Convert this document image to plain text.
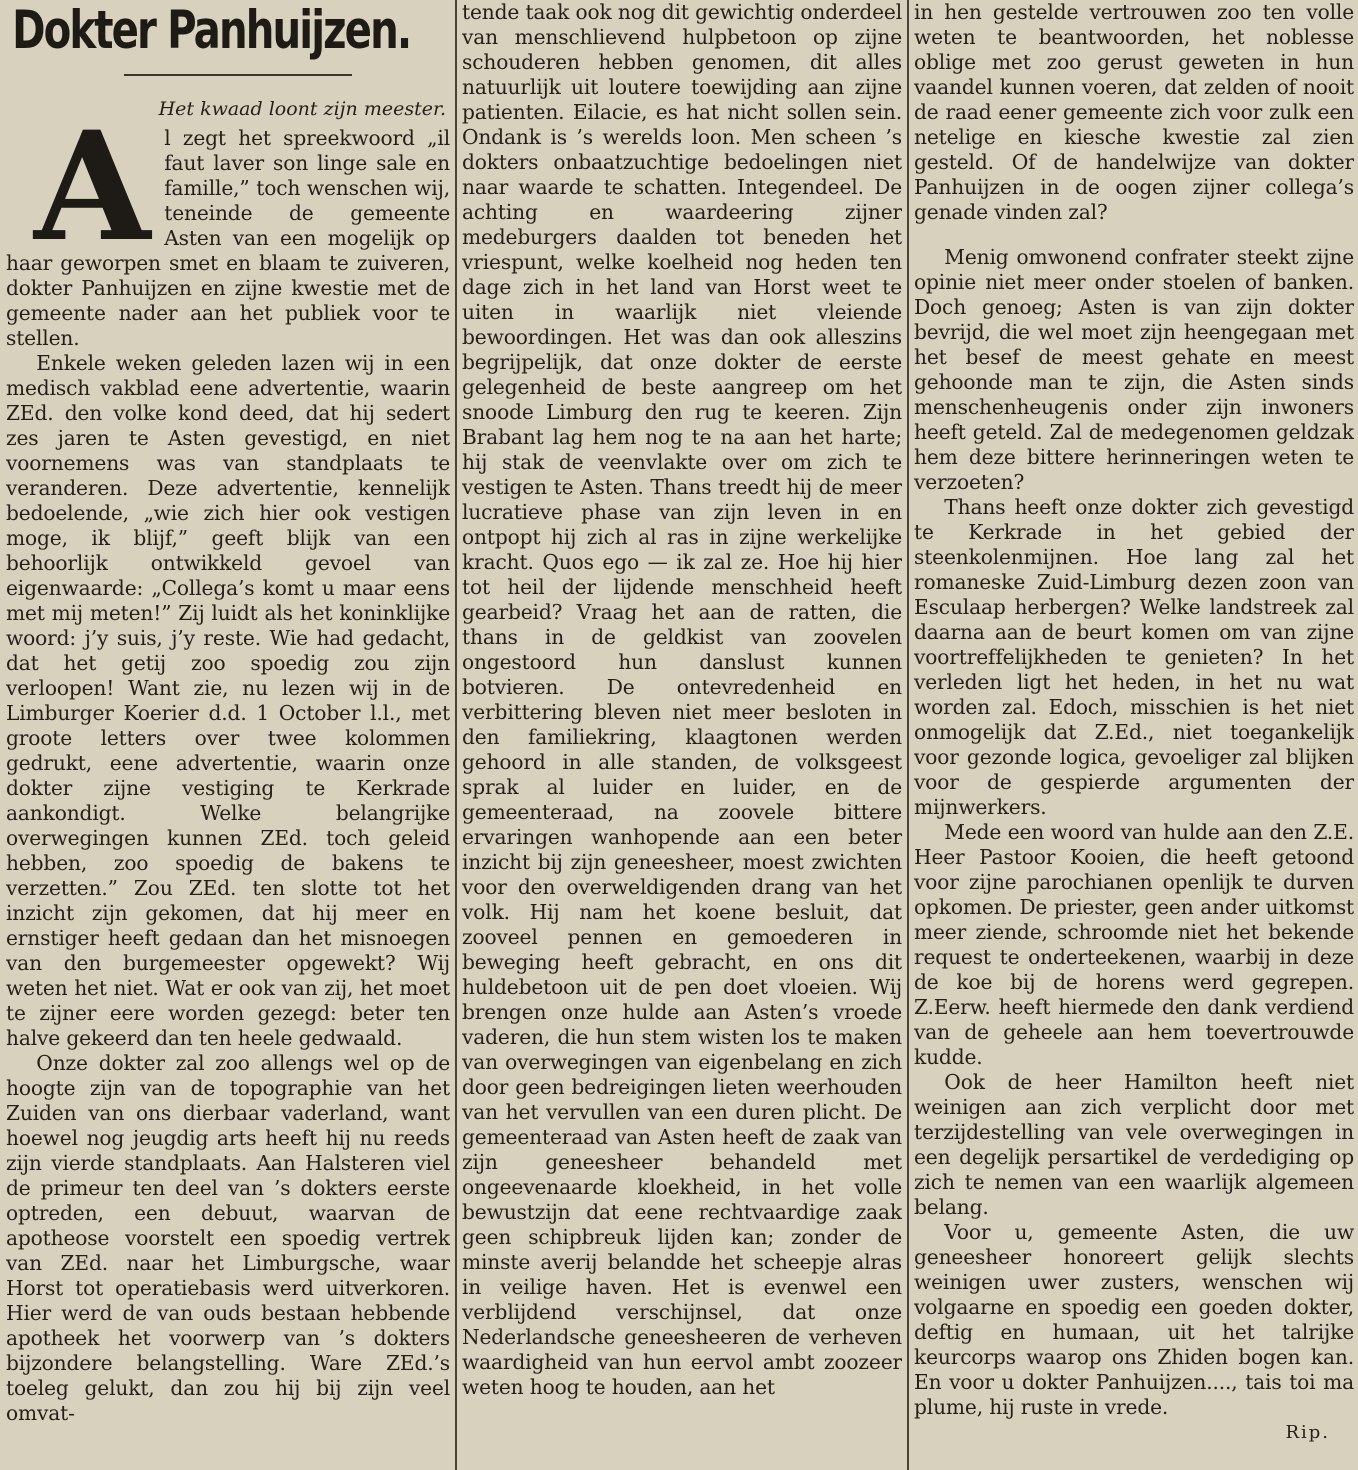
Dokter Panhuijzen.
Het kwaad loont zijn meester.

Al zegt het spreekwoord „il faut laver son linge sale en famille,” toch wenschen wij, teneinde de gemeente Asten van een mogelijk op haar geworpen smet en blaam te zuiveren, dokter Panhuijzen en zijne kwestie met de gemeente nader aan het publiek voor te stellen.

Enkele weken geleden lazen wij in een medisch vakblad eene advertentie, waarin ZEd. den volke kond deed, dat hij sedert zes jaren te Asten gevestigd, en niet voornemens was van standplaats te veranderen. Deze advertentie, kennelijk bedoelende, „wie zich hier ook vestigen moge, ik blijf,” geeft blijk van een behoorlijk ontwikkeld gevoel van eigenwaarde: „Collega’s komt u maar eens met mij meten!” Zij luidt als het koninklijke woord: j’y suis, j’y reste. Wie had gedacht, dat het getij zoo spoedig zou zijn verloopen! Want zie, nu lezen wij in de Limburger Koerier d.d. 1 October l.l., met groote letters over twee kolommen gedrukt, eene advertentie, waarin onze dokter zijne vestiging te Kerkrade aankondigt. Welke belangrijke overwegingen kunnen ZEd. toch geleid hebben, zoo spoedig de bakens te verzetten.” Zou ZEd. ten slotte tot het inzicht zijn gekomen, dat hij meer en ernstiger heeft gedaan dan het misnoegen van den burgemeester opgewekt? Wij weten het niet. Wat er ook van zij, het moet te zijner eere worden gezegd: beter ten halve gekeerd dan ten heele gedwaald.

Onze dokter zal zoo allengs wel op de hoogte zijn van de topographie van het Zuiden van ons dierbaar vaderland, want hoewel nog jeugdig arts heeft hij nu reeds zijn vierde standplaats. Aan Halsteren viel de primeur ten deel van ’s dokters eerste optreden, een debuut, waarvan de apotheose voorstelt een spoedig vertrek van ZEd. naar het Limburgsche, waar Horst tot operatiebasis werd uitverkoren. Hier werd de van ouds bestaan hebbende apotheek het voorwerp van ’s dokters bijzondere belangstelling. Ware ZEd.’s toeleg gelukt, dan zou hij bij zijn veel omvat-

tende taak ook nog dit gewichtig onderdeel van menschlievend hulpbetoon op zijne schouderen hebben genomen, dit alles natuurlijk uit loutere toewijding aan zijne patienten. Eilacie, es hat nicht sollen sein. Ondank is ’s werelds loon. Men scheen ’s dokters onbaatzuchtige bedoelingen niet naar waarde te schatten. Integendeel. De achting en waardeering zijner medeburgers daalden tot beneden het vriespunt, welke koelheid nog heden ten dage zich in het land van Horst weet te uiten in waarlijk niet vleiende bewoordingen. Het was dan ook alleszins begrijpelijk, dat onze dokter de eerste gelegenheid de beste aangreep om het snoode Limburg den rug te keeren. Zijn Brabant lag hem nog te na aan het harte; hij stak de veenvlakte over om zich te vestigen te Asten. Thans treedt hij de meer lucratieve phase van zijn leven in en ontpopt hij zich al ras in zijne werkelijke kracht. Quos ego — ik zal ze. Hoe hij hier tot heil der lijdende menschheid heeft gearbeid? Vraag het aan de ratten, die thans in de geldkist van zoovelen ongestoord hun danslust kunnen botvieren. De ontevredenheid en verbittering bleven niet meer besloten in den familiekring, klaagtonen werden gehoord in alle standen, de volksgeest sprak al luider en luider, en de gemeenteraad, na zoovele bittere ervaringen wanhopende aan een beter inzicht bij zijn geneesheer, moest zwichten voor den overweldigenden drang van het volk. Hij nam het koene besluit, dat zooveel pennen en gemoederen in beweging heeft gebracht, en ons dit huldebetoon uit de pen doet vloeien. Wij brengen onze hulde aan Asten’s vroede vaderen, die hun stem wisten los te maken van overwegingen van eigenbelang en zich door geen bedreigingen lieten weerhouden van het vervullen van een duren plicht. De gemeenteraad van Asten heeft de zaak van zijn geneesheer behandeld met ongeevenaarde kloekheid, in het volle bewustzijn dat eene rechtvaardige zaak geen schipbreuk lijden kan; zonder de minste averij belandde het scheepje alras in veilige haven. Het is evenwel een verblijdend verschijnsel, dat onze Nederlandsche geneesheeren de verheven waardigheid van hun eervol ambt zoozeer weten hoog te houden, aan het

in hen gestelde vertrouwen zoo ten volle weten te beantwoorden, het noblesse oblige met zoo gerust geweten in hun vaandel kunnen voeren, dat zelden of nooit de raad eener gemeente zich voor zulk een netelige en kiesche kwestie zal zien gesteld. Of de handelwijze van dokter Panhuijzen in de oogen zijner collega’s genade vinden zal?

Menig omwonend confrater steekt zijne opinie niet meer onder stoelen of banken. Doch genoeg; Asten is van zijn dokter bevrijd, die wel moet zijn heengegaan met het besef de meest gehate en meest gehoonde man te zijn, die Asten sinds menschenheugenis onder zijn inwoners heeft geteld. Zal de medegenomen geldzak hem deze bittere herinneringen weten te verzoeten?

Thans heeft onze dokter zich gevestigd te Kerkrade in het gebied der steenkolenmijnen. Hoe lang zal het romaneske Zuid-Limburg dezen zoon van Esculaap herbergen? Welke landstreek zal daarna aan de beurt komen om van zijne voortreffelijkheden te genieten? In het verleden ligt het heden, in het nu wat worden zal. Edoch, misschien is het niet onmogelijk dat Z.Ed., niet toegankelijk voor gezonde logica, gevoeliger zal blijken voor de gespierde argumenten der mijnwerkers.

Mede een woord van hulde aan den Z.E. Heer Pastoor Kooien, die heeft getoond voor zijne parochianen openlijk te durven opkomen. De priester, geen ander uitkomst meer ziende, schroomde niet het bekende request te onderteekenen, waarbij in deze de koe bij de horens werd gegrepen. Z.Eerw. heeft hiermede den dank verdiend van de geheele aan hem toevertrouwde kudde.

Ook de heer Hamilton heeft niet weinigen aan zich verplicht door met terzijdestelling van vele overwegingen in een degelijk persartikel de verdediging op zich te nemen van een waarlijk algemeen belang.

Voor u, gemeente Asten, die uw geneesheer honoreert gelijk slechts weinigen uwer zusters, wenschen wij volgaarne en spoedig een goeden dokter, deftig en humaan, uit het talrijke keurcorps waarop ons Zhiden bogen kan. En voor u dokter Panhuijzen...., tais toi ma plume, hij ruste in vrede.

Rip.
